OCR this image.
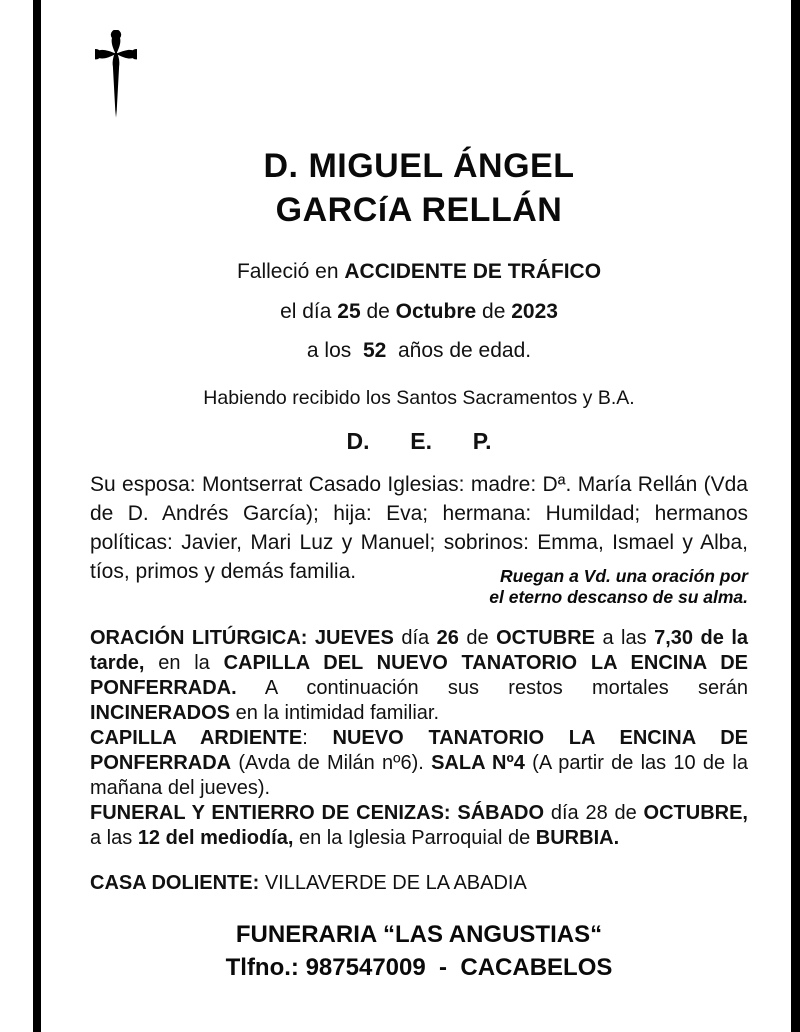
D. MIGUEL ÁNGEL
GARCíA RELLÁN
Falleció en ACCIDENTE DE TRÁFICO
el día 25 de Octubre de 2023
a los  52  años de edad.
Habiendo recibido los Santos Sacramentos y B.A.
D.  E.  P.
Su esposa: Montserrat Casado Iglesias: madre: Dª. María Rellán (Vda de D. Andrés García); hija: Eva; hermana: Humildad; hermanos políticas: Javier, Mari Luz y Manuel; sobrinos: Emma, Ismael y Alba, tíos, primos y demás familia.	Ruegan a Vd. una oración por
el eterno descanso de su alma.

ORACIÓN LITÚRGICA: JUEVES día 26 de OCTUBRE a las 7,30 de la tarde, en la CAPILLA DEL NUEVO TANATORIO LA ENCINA DE PONFERRADA. A continuación sus restos mortales serán INCINERADOS en la intimidad familiar.

CAPILLA ARDIENTE: NUEVO TANATORIO LA ENCINA DE PONFERRADA (Avda de Milán nº6). SALA Nº4 (A partir de las 10 de la mañana del jueves).

FUNERAL Y ENTIERRO DE CENIZAS: SÁBADO día 28 de OCTUBRE, a las 12 del mediodía, en la Iglesia Parroquial de BURBIA.

CASA DOLIENTE: VILLAVERDE DE LA ABADIA
FUNERARIA “LAS ANGUSTIAS“
Tlfno.: 987547009  -  CACABELOS
